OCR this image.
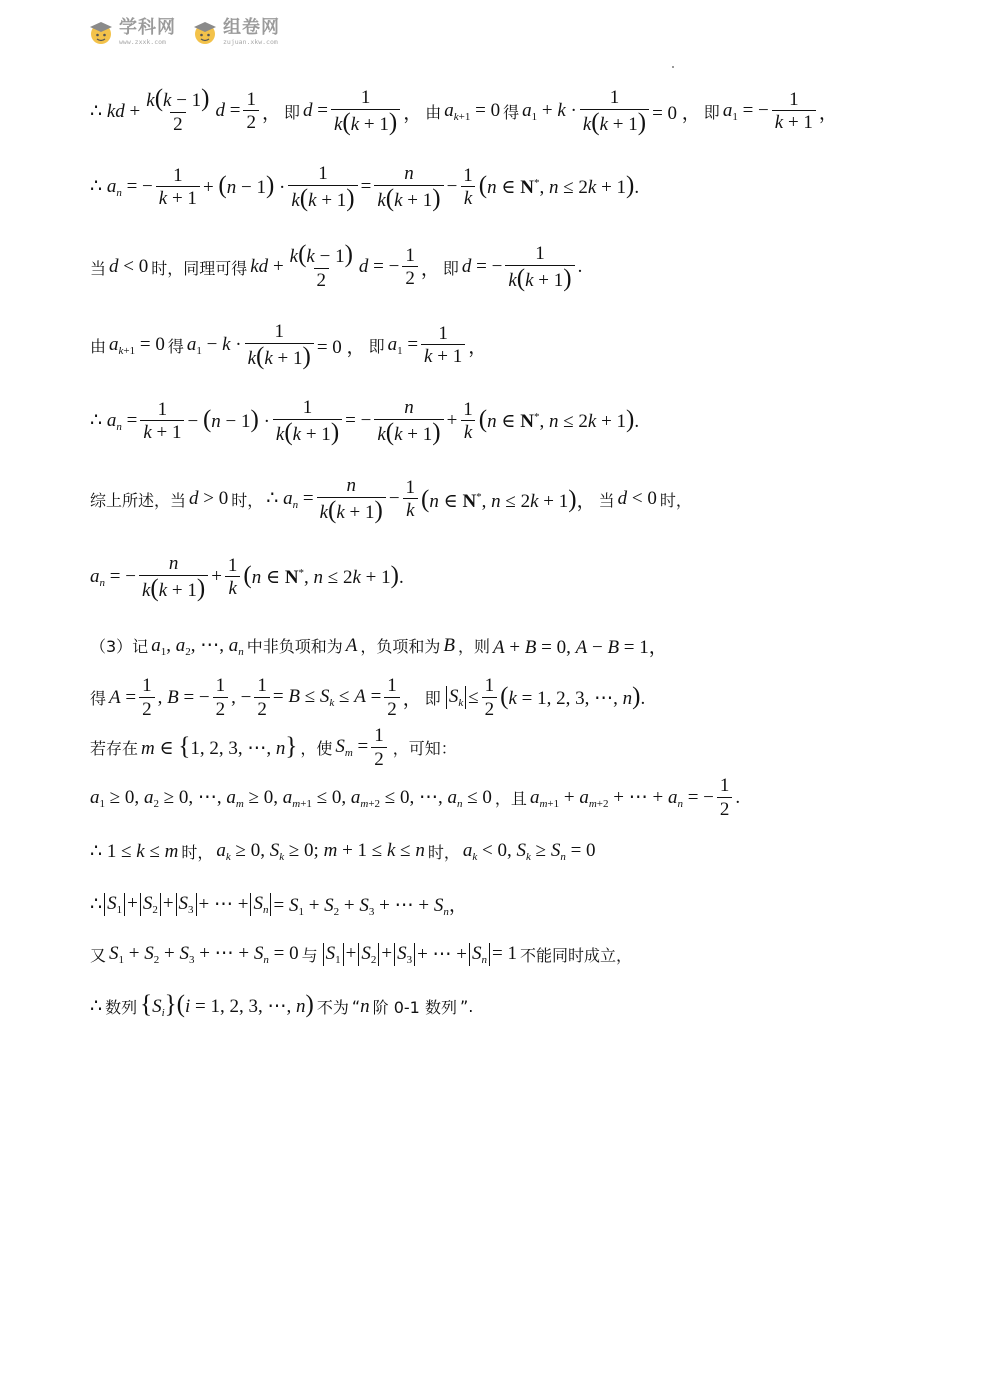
学科网
www.zxxk.com
组卷网
zujuan.xkw.com
∴ kd + $\frac{k(k - 1)}{2}$ $d = \frac{1}{2}$ ， 即 $d = \frac{1}{k(k + 1)}$ ， 由 $a_{k+1} = 0$ 得 $a_1 + k \cdot \frac{1}{k(k + 1)} = 0$ ， 即 $a_1$ = − $\frac{1}{k + 1}$ ，
∴ $a_n$ = − $\frac{1}{k + 1} + (n - 1) \cdot \frac{1}{k(k + 1)} = \frac{n}{k(k + 1)} - \frac{1}{k} (n$ ∈ N*, n ≤ 2k + 1).
当 d < 0 时，同理可得 kd + $\frac{k(k - 1)}{2}$ d = − $\frac{1}{2}$ ， 即 d = − $\frac{1}{k(k + 1)}$ .
由 $a_{k+1} = 0$ 得 $a_1 - k \cdot \frac{1}{k(k + 1)} = 0$ ， 即 $a_1 = \frac{1}{k + 1}$ ，
∴ $a_n = \frac{1}{k + 1} - (n - 1) \cdot \frac{1}{k(k + 1)}$ = − $\frac{n}{k(k + 1)} + \frac{1}{k} (n$ ∈ N*, n ≤ 2k + 1).
综上所述，当 d > 0 时， ∴ $a_n = \frac{n}{k(k + 1)} - \frac{1}{k} (n$ ∈ N*, n ≤ 2k + 1)， 当 d < 0 时，
$a_n$ = − $\frac{n}{k(k + 1)} + \frac{1}{k} (n$ ∈ N*, n ≤ 2k + 1).
（3）记 $a_1$, $a_2$, ⋯, $a_n$ 中非负项和为 A ，负项和为 B ，则 A + B = 0, A − B = 1，
得 $A = \frac{1}{2}$ , B = − $\frac{1}{2}$ , − $\frac{1}{2} = B \le S_k \le A = \frac{1}{2}$ ， 即 $S_k \le \frac{1}{2} (k = 1$, 2, 3, ⋯, n).
若存在 m ∈ {1, 2, 3, ⋯, n} ，使 $S_m = \frac{1}{2}$ ，可知：
$a_1 \ge 0$, $a_2 \ge 0$, ⋯, $a_m \ge 0$, $a_{m+1} \le 0$, $a_{m+2} \le 0$, ⋯, $a_n \le 0$ ，且 $a_{m+1} + a_{m+2}$ + ⋯ + $a_n$ = − $\frac{1}{2}$ .
∴ 1 ≤ k ≤ m 时， $a_k \ge 0$, $S_k \ge 0$; m + 1 ≤ k ≤ n 时， $a_k < 0$, $S_k \ge S_n = 0$
∴ $S_1 + S_2 + S_3$ + ⋯ + $S_n = S_1 + S_2 + S_3$ + ⋯ + $S_n$，
又 $S_1 + S_2 + S_3$ + ⋯ + $S_n = 0$ 与 $S_1 + S_2 + S_3$ + ⋯ + $S_n = 1$ 不能同时成立，
∴ 数列 $\{S_i\}(i = 1$, 2, 3, ⋯, n) 不为 “ n 阶 0-1 数列 ”.
